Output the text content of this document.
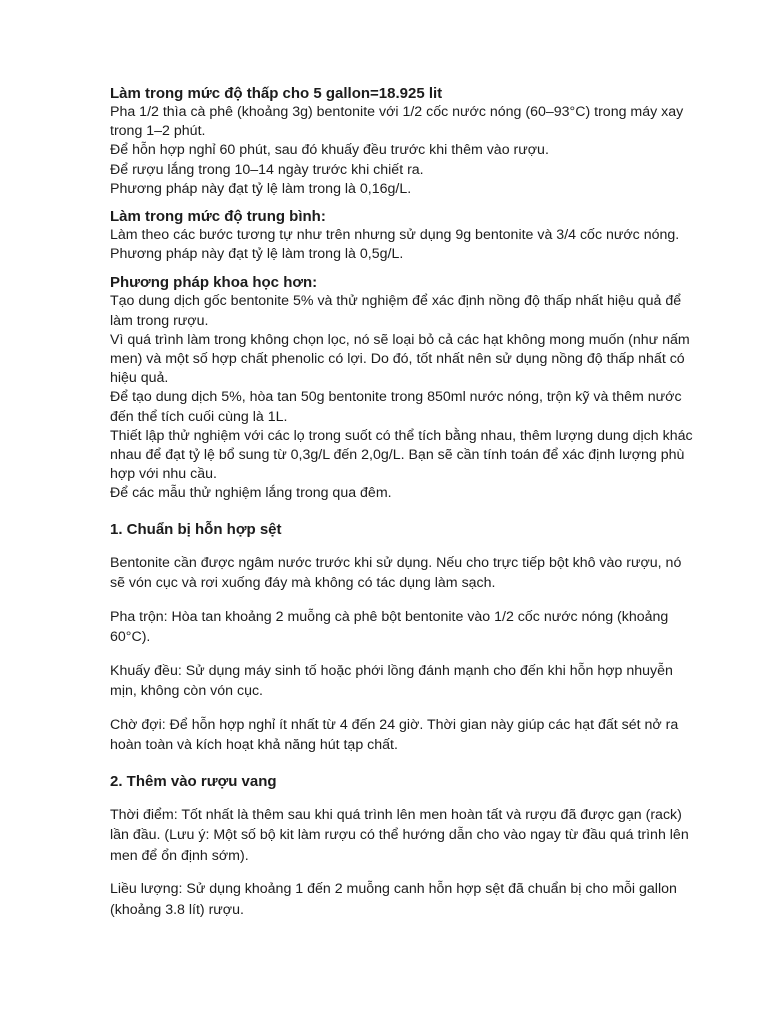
Làm trong mức độ thấp cho 5 gallon=18.925 lit

Pha 1/2 thìa cà phê (khoảng 3g) bentonite với 1/2 cốc nước nóng (60–93°C) trong máy xay trong 1–2 phút.

Để hỗn hợp nghỉ 60 phút, sau đó khuấy đều trước khi thêm vào rượu.

Để rượu lắng trong 10–14 ngày trước khi chiết ra.

Phương pháp này đạt tỷ lệ làm trong là 0,16g/L.

Làm trong mức độ trung bình:

Làm theo các bước tương tự như trên nhưng sử dụng 9g bentonite và 3/4 cốc nước nóng.

Phương pháp này đạt tỷ lệ làm trong là 0,5g/L.

Phương pháp khoa học hơn:

Tạo dung dịch gốc bentonite 5% và thử nghiệm để xác định nồng độ thấp nhất hiệu quả để làm trong rượu.

Vì quá trình làm trong không chọn lọc, nó sẽ loại bỏ cả các hạt không mong muốn (như nấm men) và một số hợp chất phenolic có lợi. Do đó, tốt nhất nên sử dụng nồng độ thấp nhất có hiệu quả.

Để tạo dung dịch 5%, hòa tan 50g bentonite trong 850ml nước nóng, trộn kỹ và thêm nước đến thể tích cuối cùng là 1L.

Thiết lập thử nghiệm với các lọ trong suốt có thể tích bằng nhau, thêm lượng dung dịch khác nhau để đạt tỷ lệ bổ sung từ 0,3g/L đến 2,0g/L. Bạn sẽ cần tính toán để xác định lượng phù hợp với nhu cầu.

Để các mẫu thử nghiệm lắng trong qua đêm.

1. Chuẩn bị hỗn hợp sệt

Bentonite cần được ngâm nước trước khi sử dụng. Nếu cho trực tiếp bột khô vào rượu, nó sẽ vón cục và rơi xuống đáy mà không có tác dụng làm sạch.

Pha trộn: Hòa tan khoảng 2 muỗng cà phê bột bentonite vào 1/2 cốc nước nóng (khoảng 60°C).

Khuấy đều: Sử dụng máy sinh tố hoặc phới lồng đánh mạnh cho đến khi hỗn hợp nhuyễn mịn, không còn vón cục.

Chờ đợi: Để hỗn hợp nghỉ ít nhất từ 4 đến 24 giờ. Thời gian này giúp các hạt đất sét nở ra hoàn toàn và kích hoạt khả năng hút tạp chất.

2. Thêm vào rượu vang

Thời điểm: Tốt nhất là thêm sau khi quá trình lên men hoàn tất và rượu đã được gạn (rack) lần đầu. (Lưu ý: Một số bộ kit làm rượu có thể hướng dẫn cho vào ngay từ đầu quá trình lên men để ổn định sớm).

Liều lượng: Sử dụng khoảng 1 đến 2 muỗng canh hỗn hợp sệt đã chuẩn bị cho mỗi gallon (khoảng 3.8 lít) rượu.
